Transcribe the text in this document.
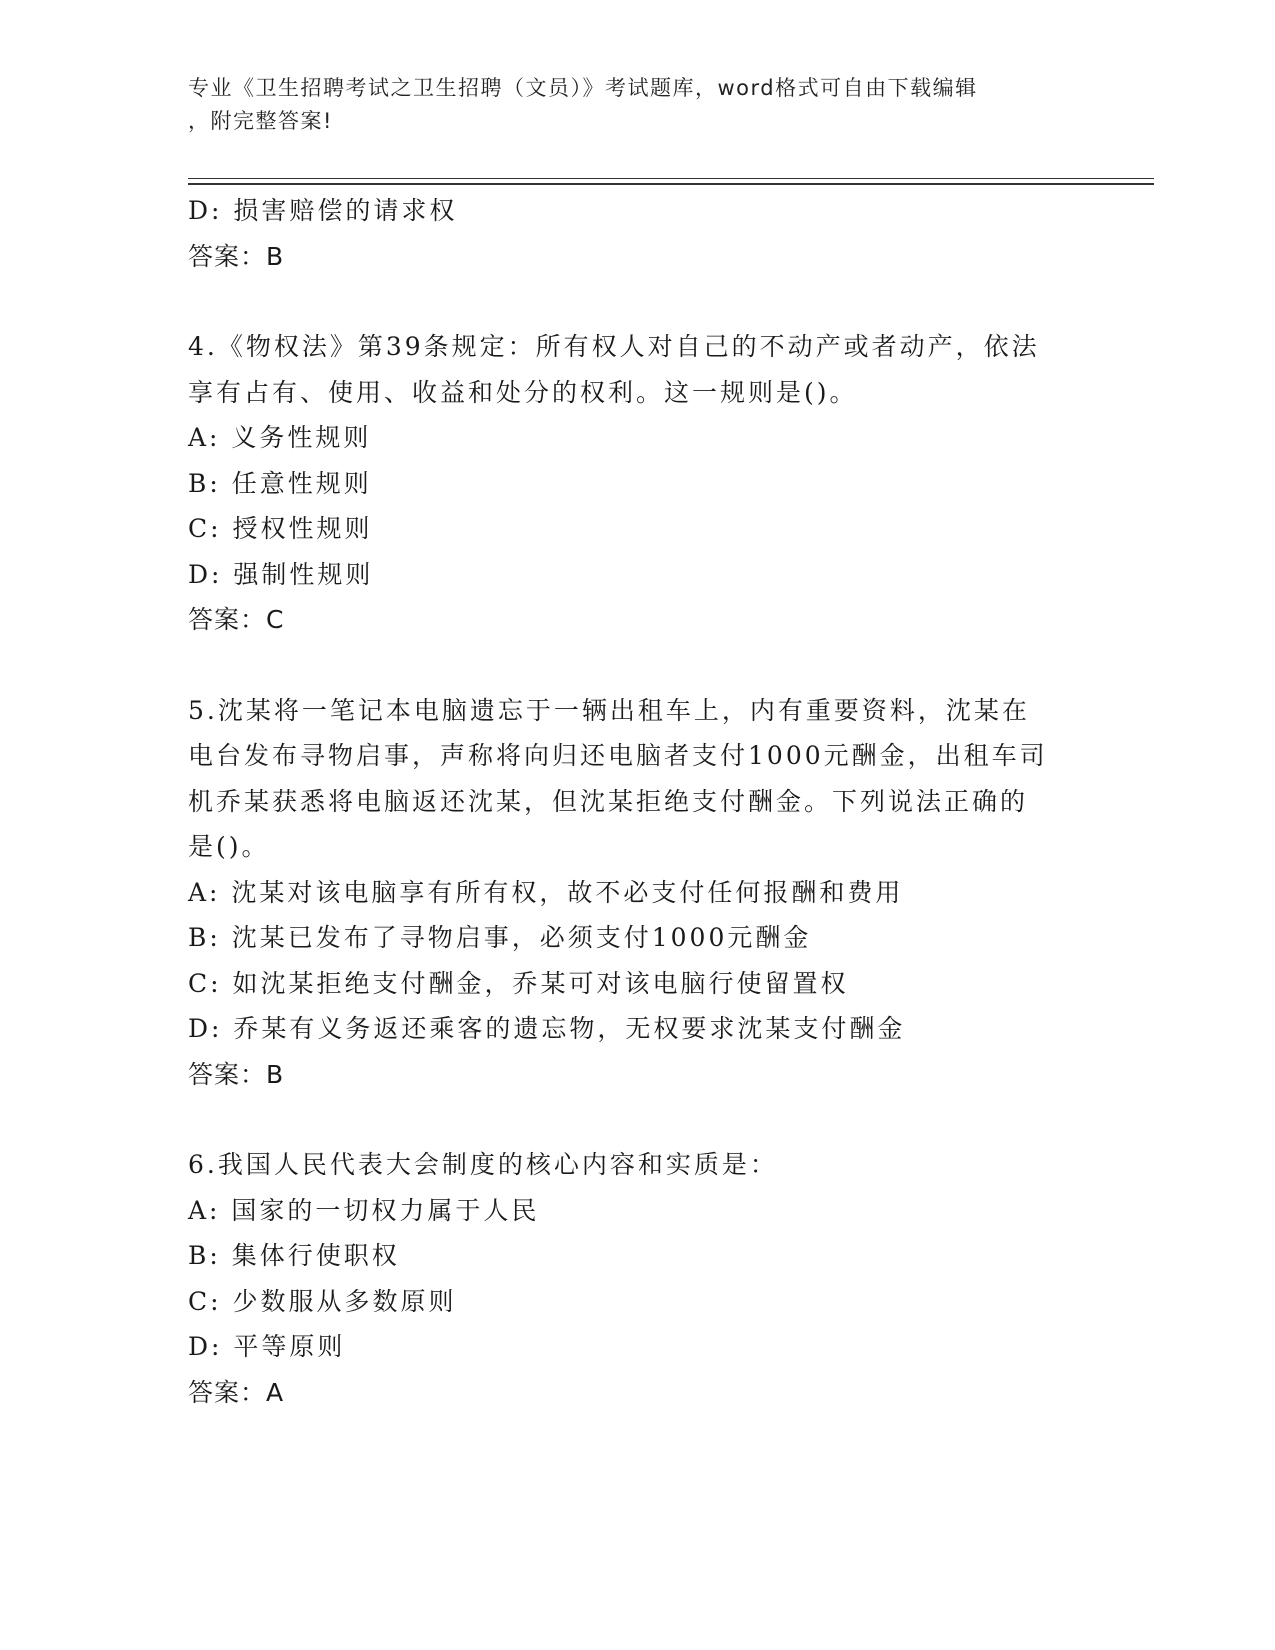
专业《卫生招聘考试之卫生招聘（文员）》考试题库，word格式可自由下载编辑
，附完整答案!
D: 损害赔偿的请求权
答案：B
4.《物权法》第39条规定：所有权人对自己的不动产或者动产，依法
享有占有、使用、收益和处分的权利。这一规则是()。
A: 义务性规则
B: 任意性规则
C: 授权性规则
D: 强制性规则
答案：C
5.沈某将一笔记本电脑遗忘于一辆出租车上，内有重要资料，沈某在
电台发布寻物启事，声称将向归还电脑者支付1000元酬金，出租车司
机乔某获悉将电脑返还沈某，但沈某拒绝支付酬金。下列说法正确的
是()。
A: 沈某对该电脑享有所有权，故不必支付任何报酬和费用
B: 沈某已发布了寻物启事，必须支付1000元酬金
C: 如沈某拒绝支付酬金，乔某可对该电脑行使留置权
D: 乔某有义务返还乘客的遗忘物，无权要求沈某支付酬金
答案：B
6.我国人民代表大会制度的核心内容和实质是：
A: 国家的一切权力属于人民
B: 集体行使职权
C: 少数服从多数原则
D: 平等原则
答案：A
